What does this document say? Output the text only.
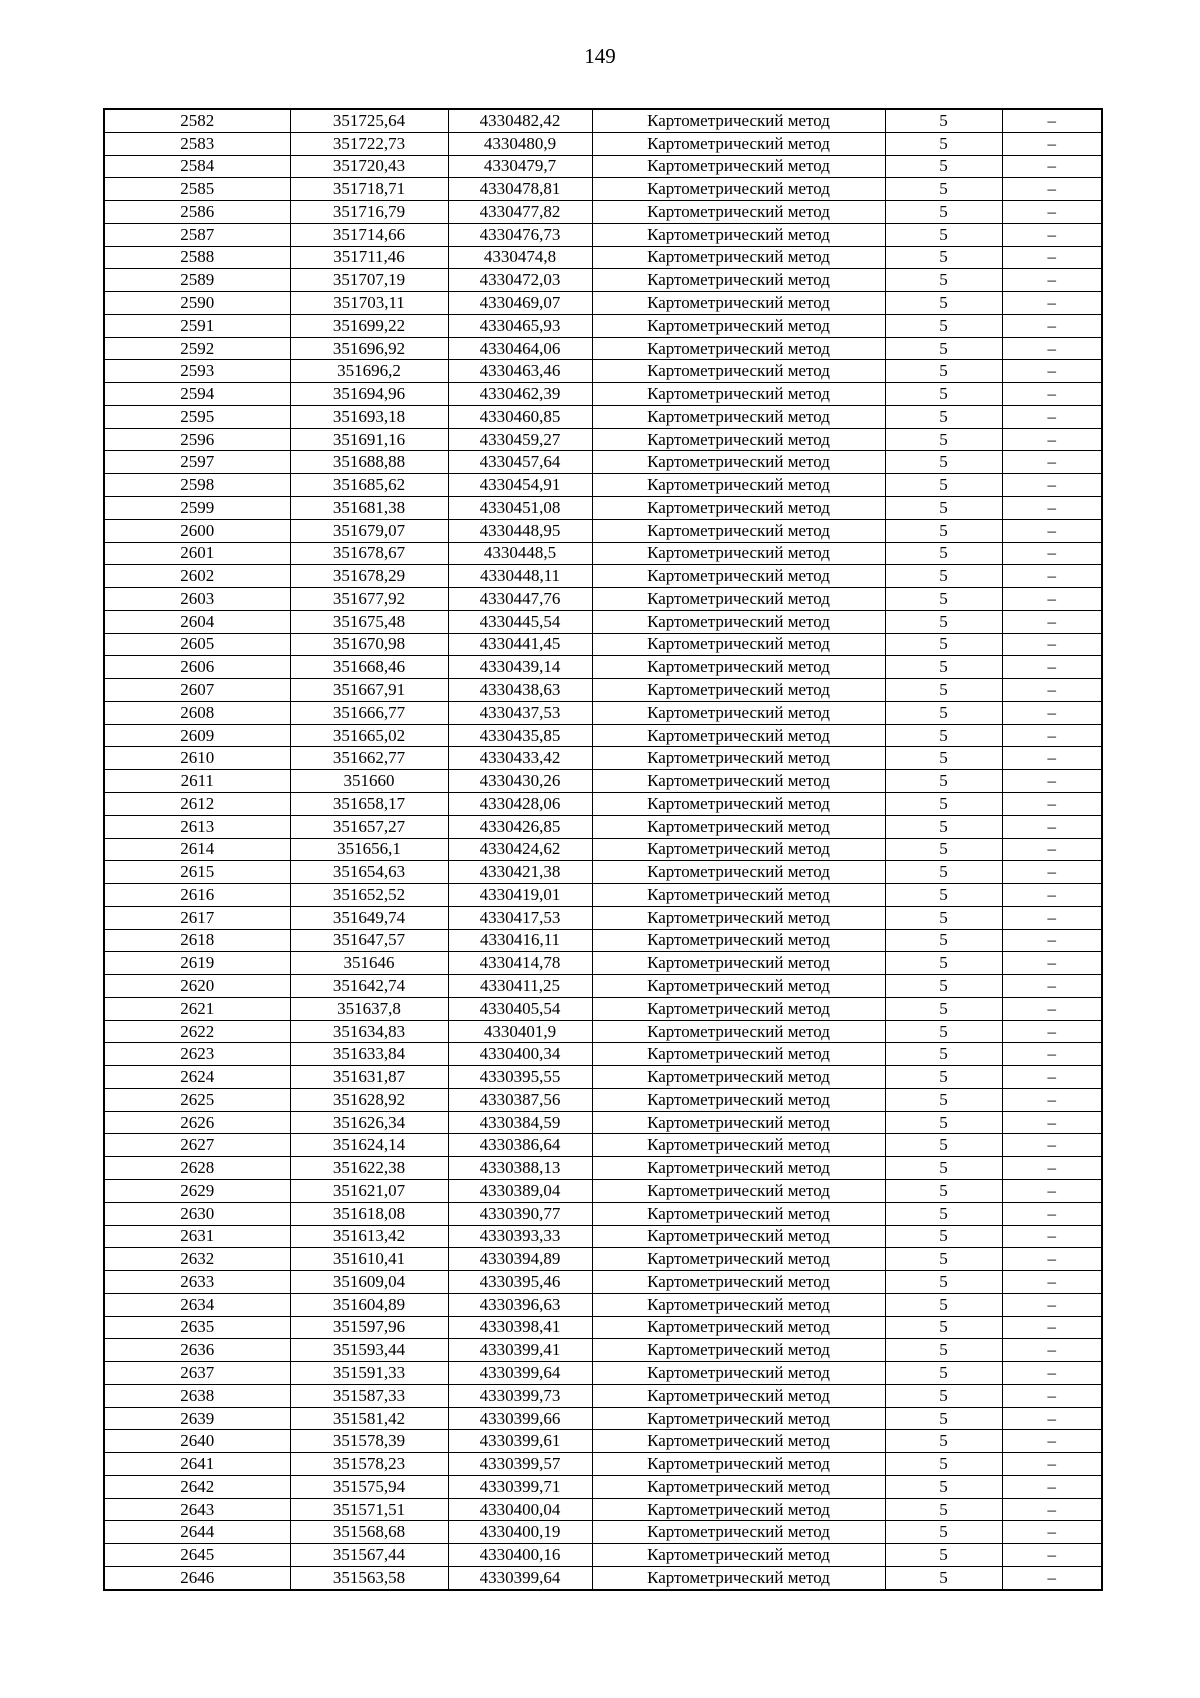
149
2582	351725,64	4330482,42	Картометрический метод	5	–
2583	351722,73	4330480,9	Картометрический метод	5	–
2584	351720,43	4330479,7	Картометрический метод	5	–
2585	351718,71	4330478,81	Картометрический метод	5	–
2586	351716,79	4330477,82	Картометрический метод	5	–
2587	351714,66	4330476,73	Картометрический метод	5	–
2588	351711,46	4330474,8	Картометрический метод	5	–
2589	351707,19	4330472,03	Картометрический метод	5	–
2590	351703,11	4330469,07	Картометрический метод	5	–
2591	351699,22	4330465,93	Картометрический метод	5	–
2592	351696,92	4330464,06	Картометрический метод	5	–
2593	351696,2	4330463,46	Картометрический метод	5	–
2594	351694,96	4330462,39	Картометрический метод	5	–
2595	351693,18	4330460,85	Картометрический метод	5	–
2596	351691,16	4330459,27	Картометрический метод	5	–
2597	351688,88	4330457,64	Картометрический метод	5	–
2598	351685,62	4330454,91	Картометрический метод	5	–
2599	351681,38	4330451,08	Картометрический метод	5	–
2600	351679,07	4330448,95	Картометрический метод	5	–
2601	351678,67	4330448,5	Картометрический метод	5	–
2602	351678,29	4330448,11	Картометрический метод	5	–
2603	351677,92	4330447,76	Картометрический метод	5	–
2604	351675,48	4330445,54	Картометрический метод	5	–
2605	351670,98	4330441,45	Картометрический метод	5	–
2606	351668,46	4330439,14	Картометрический метод	5	–
2607	351667,91	4330438,63	Картометрический метод	5	–
2608	351666,77	4330437,53	Картометрический метод	5	–
2609	351665,02	4330435,85	Картометрический метод	5	–
2610	351662,77	4330433,42	Картометрический метод	5	–
2611	351660	4330430,26	Картометрический метод	5	–
2612	351658,17	4330428,06	Картометрический метод	5	–
2613	351657,27	4330426,85	Картометрический метод	5	–
2614	351656,1	4330424,62	Картометрический метод	5	–
2615	351654,63	4330421,38	Картометрический метод	5	–
2616	351652,52	4330419,01	Картометрический метод	5	–
2617	351649,74	4330417,53	Картометрический метод	5	–
2618	351647,57	4330416,11	Картометрический метод	5	–
2619	351646	4330414,78	Картометрический метод	5	–
2620	351642,74	4330411,25	Картометрический метод	5	–
2621	351637,8	4330405,54	Картометрический метод	5	–
2622	351634,83	4330401,9	Картометрический метод	5	–
2623	351633,84	4330400,34	Картометрический метод	5	–
2624	351631,87	4330395,55	Картометрический метод	5	–
2625	351628,92	4330387,56	Картометрический метод	5	–
2626	351626,34	4330384,59	Картометрический метод	5	–
2627	351624,14	4330386,64	Картометрический метод	5	–
2628	351622,38	4330388,13	Картометрический метод	5	–
2629	351621,07	4330389,04	Картометрический метод	5	–
2630	351618,08	4330390,77	Картометрический метод	5	–
2631	351613,42	4330393,33	Картометрический метод	5	–
2632	351610,41	4330394,89	Картометрический метод	5	–
2633	351609,04	4330395,46	Картометрический метод	5	–
2634	351604,89	4330396,63	Картометрический метод	5	–
2635	351597,96	4330398,41	Картометрический метод	5	–
2636	351593,44	4330399,41	Картометрический метод	5	–
2637	351591,33	4330399,64	Картометрический метод	5	–
2638	351587,33	4330399,73	Картометрический метод	5	–
2639	351581,42	4330399,66	Картометрический метод	5	–
2640	351578,39	4330399,61	Картометрический метод	5	–
2641	351578,23	4330399,57	Картометрический метод	5	–
2642	351575,94	4330399,71	Картометрический метод	5	–
2643	351571,51	4330400,04	Картометрический метод	5	–
2644	351568,68	4330400,19	Картометрический метод	5	–
2645	351567,44	4330400,16	Картометрический метод	5	–
2646	351563,58	4330399,64	Картометрический метод	5	–
